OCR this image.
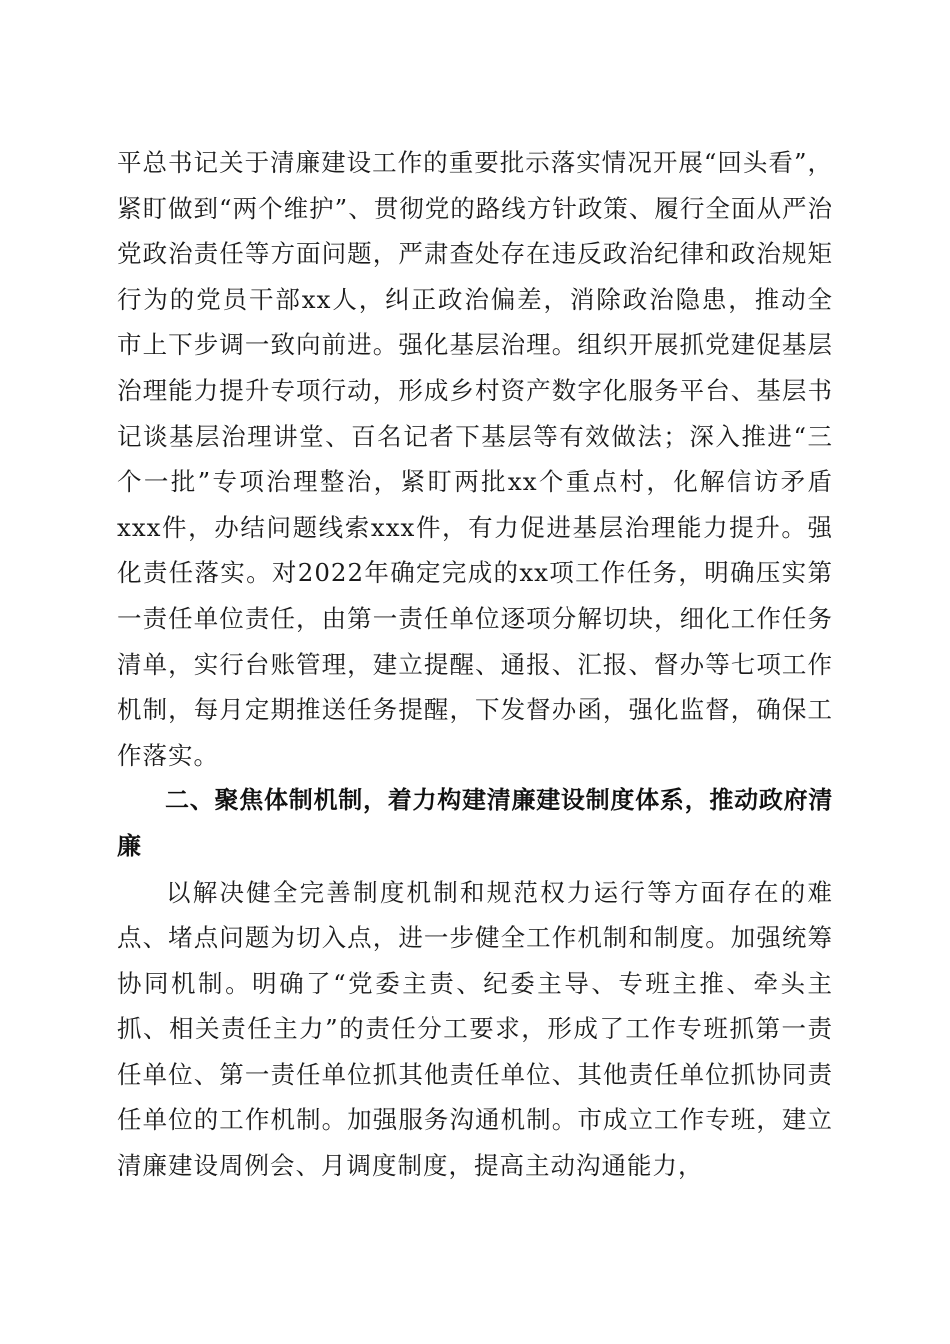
平总书记关于清廉建设工作的重要批示落实情况开展“回头看”，紧盯做到“两个维护”、贯彻党的路线方针政策、履行全面从严治党政治责任等方面问题，严肃查处存在违反政治纪律和政治规矩行为的党员干部xx人，纠正政治偏差，消除政治隐患，推动全市上下步调一致向前进。强化基层治理。组织开展抓党建促基层治理能力提升专项行动，形成乡村资产数字化服务平台、基层书记谈基层治理讲堂、百名记者下基层等有效做法；深入推进“三个一批”专项治理整治，紧盯两批xx个重点村，化解信访矛盾xxx件，办结问题线索xxx件，有力促进基层治理能力提升。强化责任落实。对2022年确定完成的xx项工作任务，明确压实第一责任单位责任，由第一责任单位逐项分解切块，细化工作任务清单，实行台账管理，建立提醒、通报、汇报、督办等七项工作机制，每月定期推送任务提醒，下发督办函，强化监督，确保工作落实。

二、聚焦体制机制，着力构建清廉建设制度体系，推动政府清廉

以解决健全完善制度机制和规范权力运行等方面存在的难点、堵点问题为切入点，进一步健全工作机制和制度。加强统筹协同机制。明确了“党委主责、纪委主导、专班主推、牵头主抓、相关责任主力”的责任分工要求，形成了工作专班抓第一责任单位、第一责任单位抓其他责任单位、其他责任单位抓协同责任单位的工作机制。加强服务沟通机制。市成立工作专班，建立清廉建设周例会、月调度制度，提高主动沟通能力，
